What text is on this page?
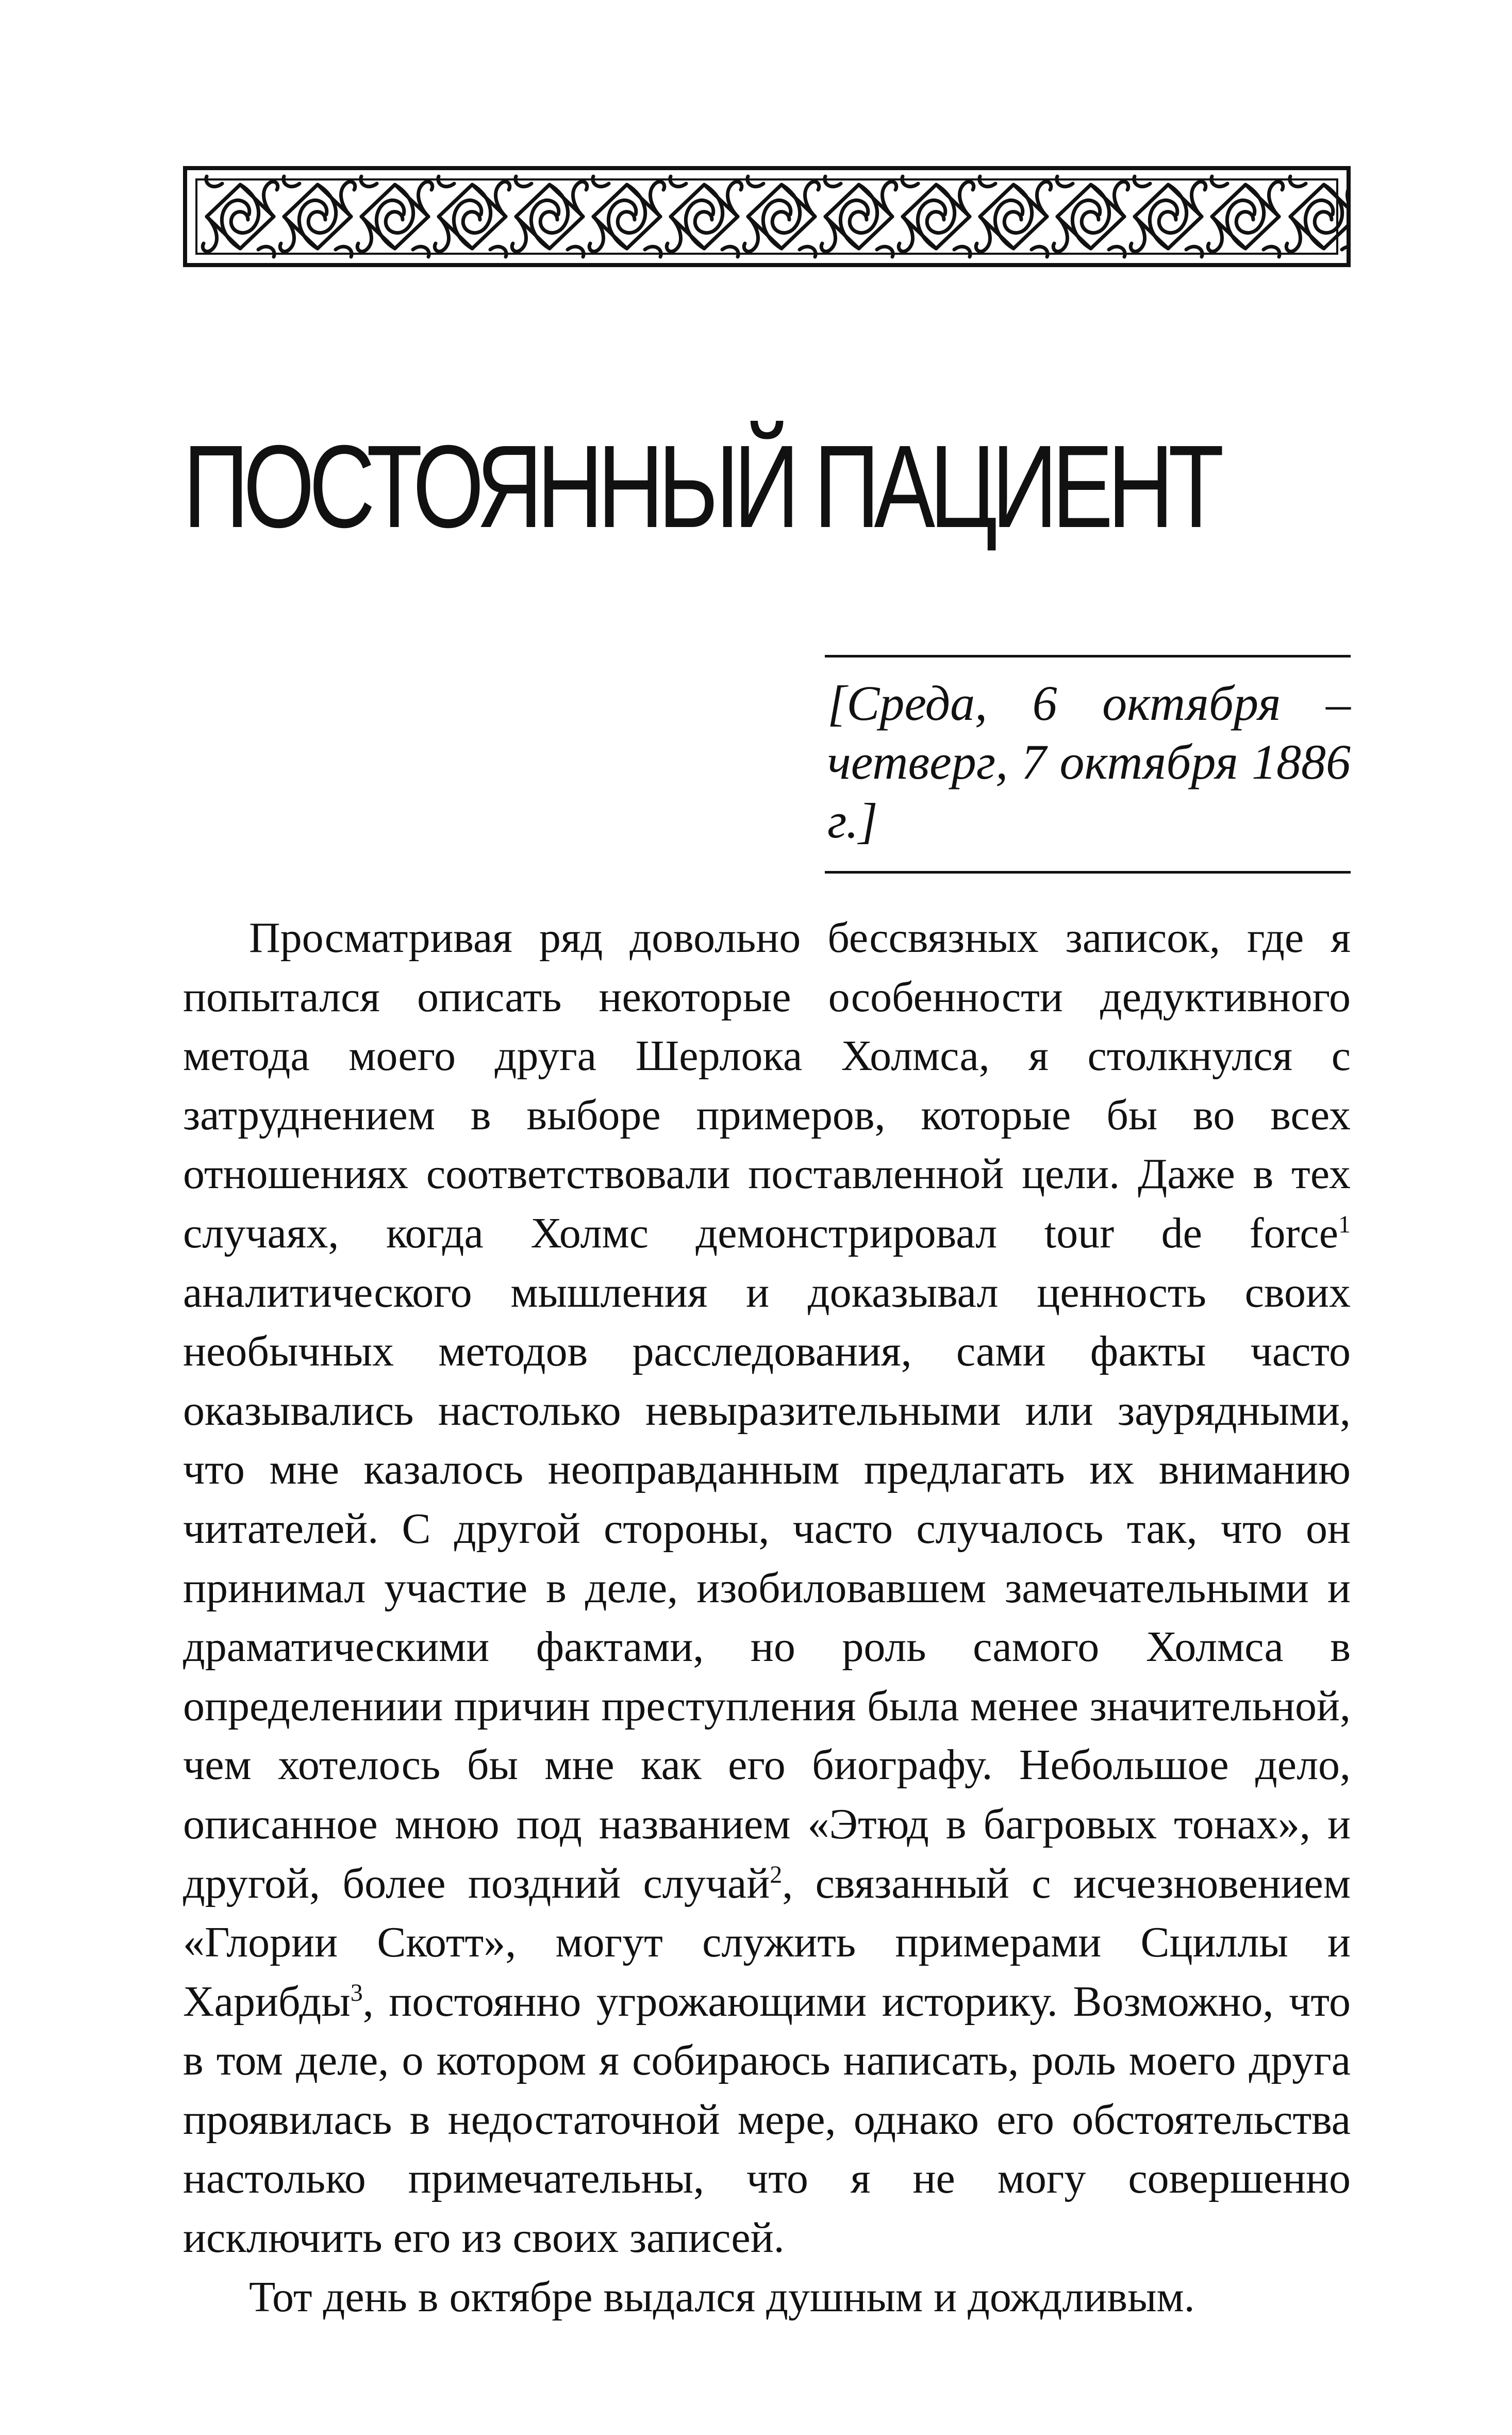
ПОСТОЯННЫЙ ПАЦИЕНТ
[Среда, 6 октября – четверг, 7 октября 1886 г.]

Просматривая ряд довольно бессвязных записок, где я попытался описать некоторые особенности дедуктивного метода моего друга Шерлока Холмса, я столкнулся с затруднением в выборе примеров, которые бы во всех отношениях соответствовали поставленной цели. Даже в тех случаях, когда Холмс демонстрировал tour de force$^1$ аналитического мышления и доказывал ценность своих необычных методов расследования, сами факты часто оказывались настолько невыразительными или заурядными, что мне казалось неоправданным предлагать их вниманию читателей. С другой стороны, часто случалось так, что он принимал участие в деле, изобиловавшем замечательными и драматическими фактами, но роль самого Холмса в определениии причин преступления была менее значительной, чем хотелось бы мне как его биографу. Небольшое дело, описанное мною под названием «Этюд в багровых тонах», и другой, более поздний случай$^2$, связанный с исчезновением «Глории Скотт», могут служить примерами Сциллы и Харибды$^3$, постоянно угрожающими историку. Возможно, что в том деле, о котором я собираюсь написать, роль моего друга проявилась в недостаточной мере, однако его обстоятельства настолько примечательны, что я не могу совершенно исключить его из своих записей.

Тот день в октябре выдался душным и дождливым.
